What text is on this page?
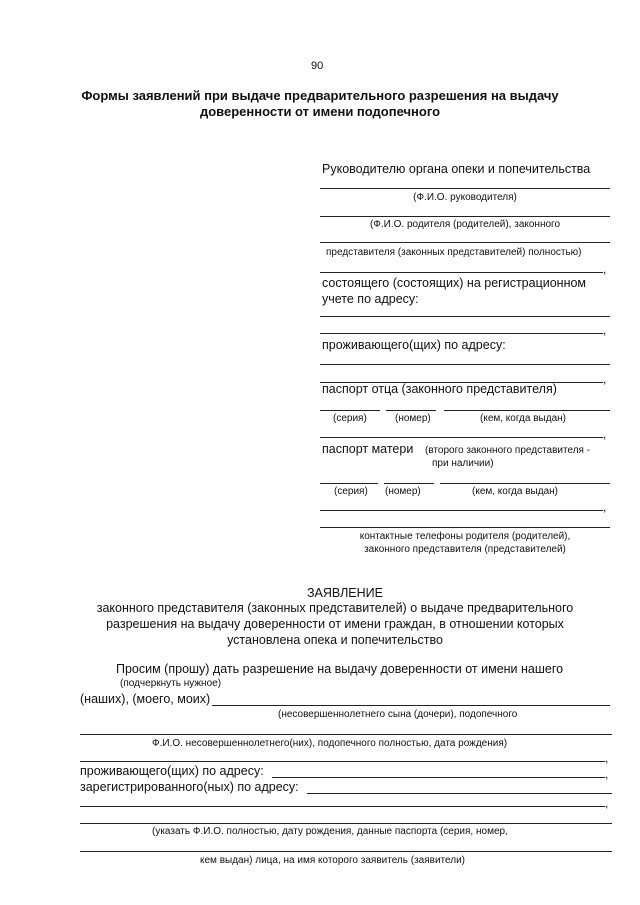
90
Формы заявлений при выдаче предварительного разрешения на выдачу
доверенности от имени подопечного
Руководителю органа опеки и попечительства
(Ф.И.О. руководителя)
(Ф.И.О. родителя (родителей), законного
представителя (законных представителей) полностью)
,
состоящего (состоящих) на регистрационном
учете по адресу:
,
проживающего(щих) по адресу:
,
паспорт отца (законного представителя)
(серия)	(номер)	(кем, когда выдан)
,
паспорт матери (второго законного представителя -
при наличии)
(серия) (номер)	(кем, когда выдан)
,
контактные телефоны родителя (родителей),
законного представителя (представителей)
ЗАЯВЛЕНИЕ
законного представителя (законных представителей) о выдаче предварительного
разрешения на выдачу доверенности от имени граждан, в отношении которых
установлена опека и попечительство
Просим (прошу) дать разрешение на выдачу доверенности от имени нашего
(подчеркнуть нужное)
(наших), (моего, моих)
(несовершеннолетнего сына (дочери), подопечного
Ф.И.О. несовершеннолетнего(них), подопечного полностью, дата рождения)
,
проживающего(щих) по адресу:	,
зарегистрированного(ных) по адресу:
,
(указать Ф.И.О. полностью, дату рождения, данные паспорта (серия, номер,
кем выдан) лица, на имя которого заявитель (заявители)
